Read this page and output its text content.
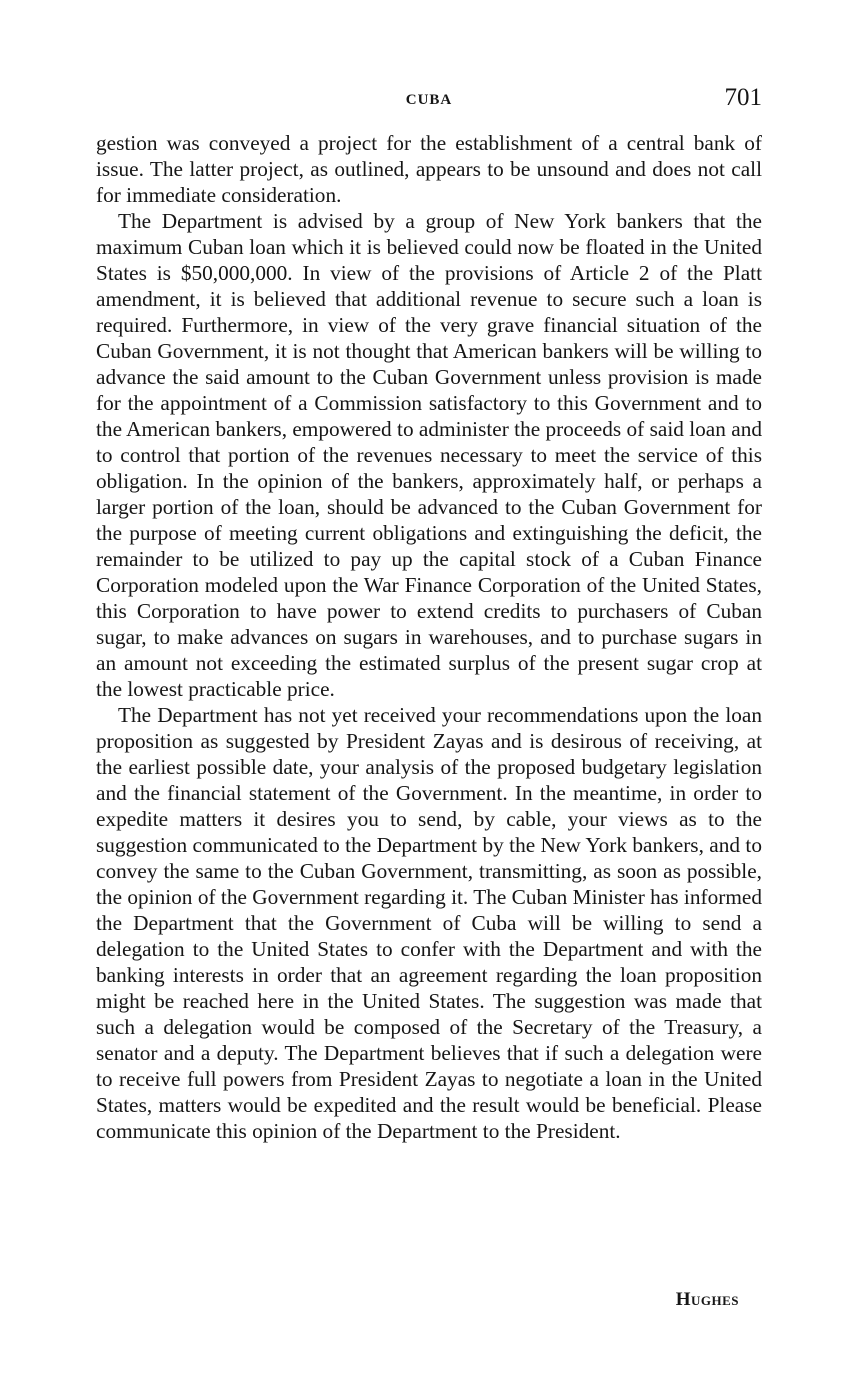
CUBA	701

gestion was conveyed a project for the establishment of a central bank of issue. The latter project, as outlined, appears to be unsound and does not call for immediate consideration.

The Department is advised by a group of New York bankers that the maximum Cuban loan which it is believed could now be floated in the United States is $50,000,000. In view of the provisions of Article 2 of the Platt amendment, it is believed that additional revenue to secure such a loan is required. Furthermore, in view of the very grave financial situation of the Cuban Government, it is not thought that American bankers will be willing to advance the said amount to the Cuban Government unless provision is made for the appointment of a Commission satisfactory to this Government and to the American bankers, empowered to administer the proceeds of said loan and to control that portion of the revenues necessary to meet the service of this obligation. In the opinion of the bankers, approximately half, or perhaps a larger portion of the loan, should be advanced to the Cuban Government for the purpose of meeting current obligations and extinguishing the deficit, the remainder to be utilized to pay up the capital stock of a Cuban Finance Corporation modeled upon the War Finance Corporation of the United States, this Corporation to have power to extend credits to purchasers of Cuban sugar, to make advances on sugars in warehouses, and to purchase sugars in an amount not exceeding the estimated surplus of the present sugar crop at the lowest practicable price.

The Department has not yet received your recommendations upon the loan proposition as suggested by President Zayas and is desirous of receiving, at the earliest possible date, your analysis of the proposed budgetary legislation and the financial statement of the Government. In the meantime, in order to expedite matters it desires you to send, by cable, your views as to the suggestion communicated to the Department by the New York bankers, and to convey the same to the Cuban Government, transmitting, as soon as possible, the opinion of the Government regarding it. The Cuban Minister has informed the Department that the Government of Cuba will be willing to send a delegation to the United States to confer with the Department and with the banking interests in order that an agreement regarding the loan proposition might be reached here in the United States. The suggestion was made that such a delegation would be composed of the Secretary of the Treasury, a senator and a deputy. The Department believes that if such a delegation were to receive full powers from President Zayas to negotiate a loan in the United States, matters would be expedited and the result would be beneficial. Please communicate this opinion of the Department to the President.

Hughes
